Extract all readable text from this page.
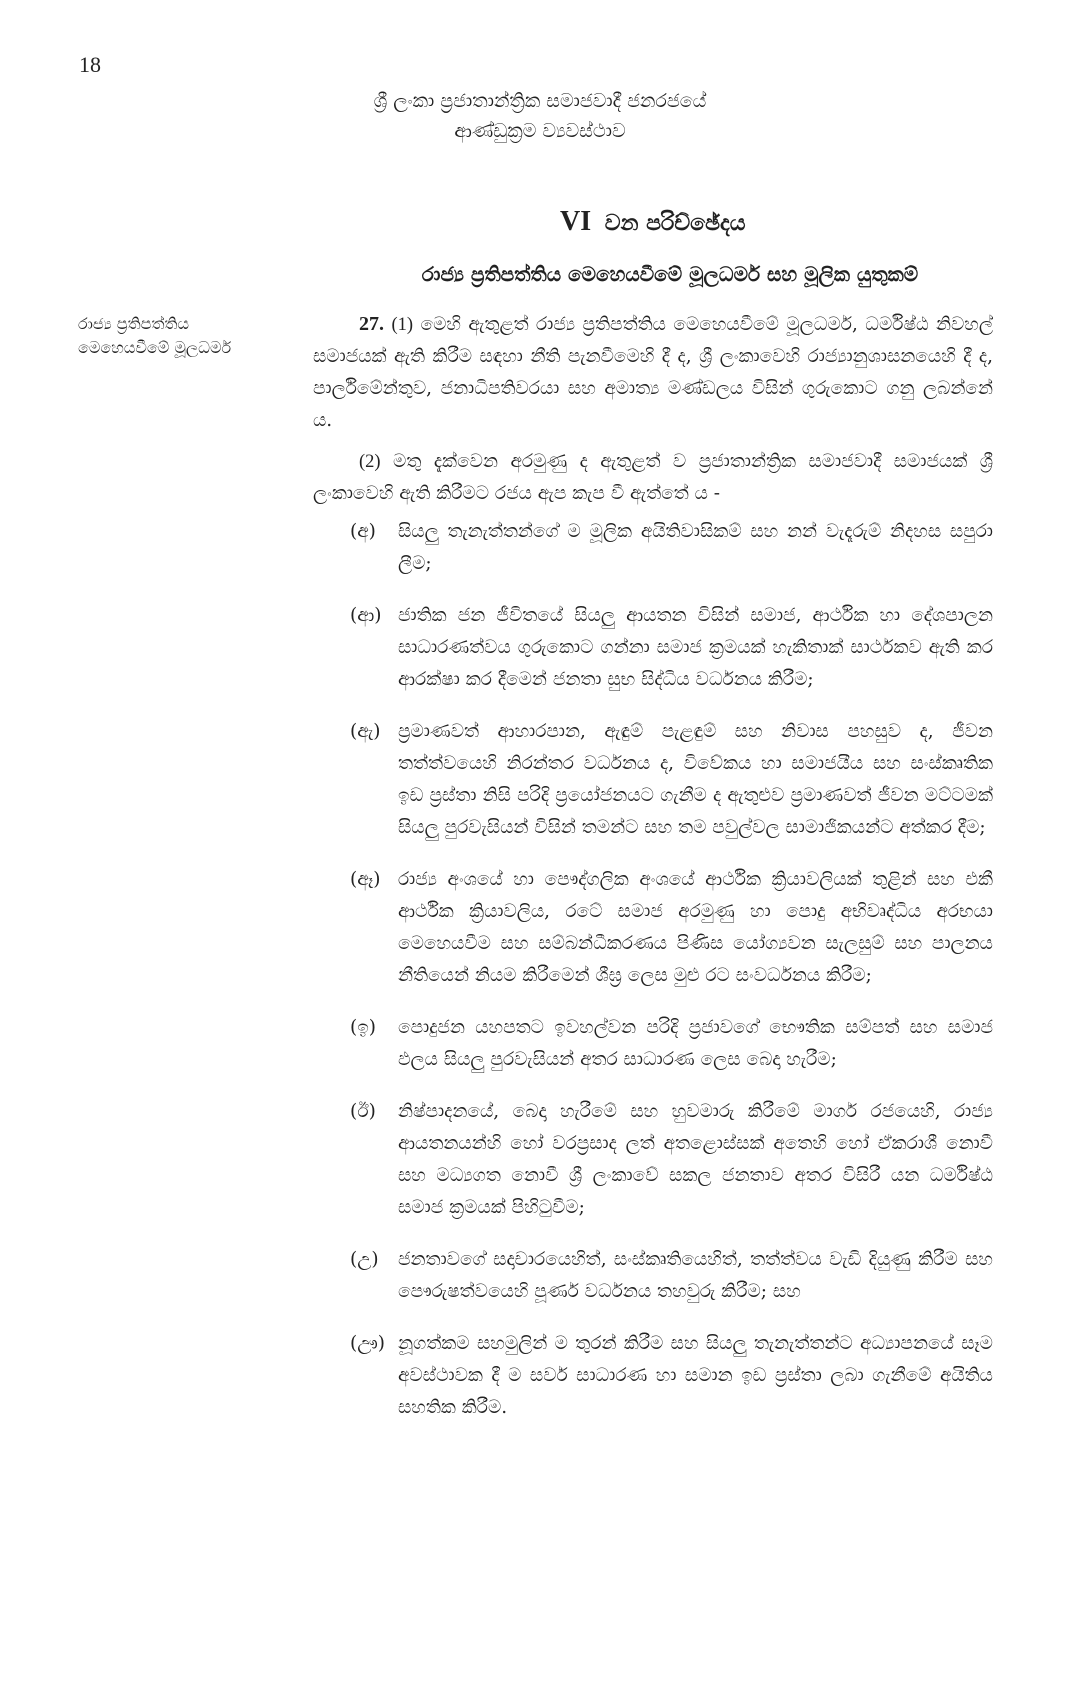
18
ශ්‍රී ලංකා ප්‍රජාතාන්ත්‍රික සමාජවාදී ජනරජයේ
ආණ්ඩුක්‍රම ව්‍යවස්ථාව
VI වන පරිච්ඡේදය
රාජ්‍ය ප්‍රතිපත්තිය මෙහෙයවීමේ මූලධර්ම සහ මූලික යුතුකම්
රාජ්‍ය ප්‍රතිපත්තිය
මෙහෙයවීමේ මූලධර්ම
27. (1) මෙහි ඇතුළත් රාජ්‍ය ප්‍රතිපත්තිය මෙහෙයවීමේ මූලධර්ම, ධර්මිෂ්ඨ නිවහල් සමාජයක් ඇති කිරීම සඳහා නීති පැනවීමෙහි දී ද, ශ්‍රී ලංකාවෙහි රාජ්‍යානුශාසනයෙහි දී ද, පාර්ලිමේන්තුව, ජනාධිපතිවරයා සහ අමාත්‍ය මණ්ඩලය විසින් ගුරුකොට ගනු ලබන්නේ ය.
(2) මතු දැක්වෙන අරමුණු ද ඇතුළත් ව ප්‍රජාතාන්ත්‍රික සමාජවාදී සමාජයක් ශ්‍රී ලංකාවෙහි ඇති කිරීමට රජය ඇප කැප වී ඇත්තේ ය -
(අ)	සියලු තැනැත්තන්ගේ ම මූලික අයිතිවාසිකම් සහ නන් වැදෑරුම් නිදහස සපුරා ලීම;
(ආ) ජාතික ජන ජීවිතයේ සියලු ආයතන විසින් සමාජ, ආර්ථික හා දේශපාලන සාධාරණත්වය ගුරුකොට ගන්නා සමාජ ක්‍රමයක් හැකිතාක් සාර්ථකව ඇති කර ආරක්ෂා කර දීමෙන් ජනතා සුභ සිද්ධිය වර්ධනය කිරීම;
(ඇ) ප්‍රමාණවත් ආහාරපාන, ඇඳුම් පැළඳුම් සහ නිවාස පහසුව ද, ජීවන තත්ත්වයෙහි නිරන්තර වර්ධනය ද, විවේකය හා සමාජයීය සහ සංස්කෘතික ඉඩ ප්‍රස්තා නිසි පරිදි ප්‍රයෝජනයට ගැනීම ද ඇතුළුව ප්‍රමාණවත් ජීවන මට්ටමක් සියලු පුරවැසියන් විසින් තමන්ට සහ තම පවුල්වල සාමාජිකයන්ට අත්කර දීම;
(ඈ) රාජ්‍ය අංශයේ හා පෞද්ගලික අංශයේ ආර්ථික ක්‍රියාවලියක් තුළින් සහ එකී ආර්ථික ක්‍රියාවලිය, රටේ සමාජ අරමුණු හා පොදු අභිවෘද්ධිය අරභයා මෙහෙයවීම සහ සම්බන්ධීකරණය පිණිස යෝග්‍යවන සැලසුම් සහ පාලනය නීතියෙන් නියම කිරීමෙන් ශීඝ්‍ර ලෙස මුළු රට සංවර්ධනය කිරීම;
(ඉ)	පොදුජන යහපතට ඉවහල්වන පරිදි ප්‍රජාවගේ භෞතික සම්පත් සහ සමාජ ඵලය සියලු පුරවැසියන් අතර සාධාරණ ලෙස බෙදා හැරීම;
(ඊ)	නිෂ්පාදනයේ, බෙදා හැරීමේ සහ හුවමාරු කිරීමේ මාර්ග රජයෙහි, රාජ්‍ය ආයතනයන්හි හෝ වරප්‍රසාද ලත් අතළොස්සක් අතෙහි හෝ ඒකරාශී නොවී සහ මධ්‍යගත නොවී ශ්‍රී ලංකාවේ සකල ජනතාව අතර විසිරී යන ධර්මිෂ්ඨ සමාජ ක්‍රමයක් පිහිටුවීම;
(උ)	ජනතාවගේ සදාචාරයෙහිත්, සංස්කෘතියෙහිත්, තත්ත්වය වැඩි දියුණු කිරීම සහ පෞරුෂත්වයෙහි පූර්ණ වර්ධනය තහවුරු කිරීම; සහ
(ඌ) නූගත්කම සහමුලින් ම තුරන් කිරීම සහ සියලු තැනැත්තන්ට අධ්‍යාපනයේ සෑම අවස්ථාවක දී ම සර්ව සාධාරණ හා සමාන ඉඩ ප්‍රස්තා ලබා ගැනීමේ අයිතිය සහතික කිරීම.
